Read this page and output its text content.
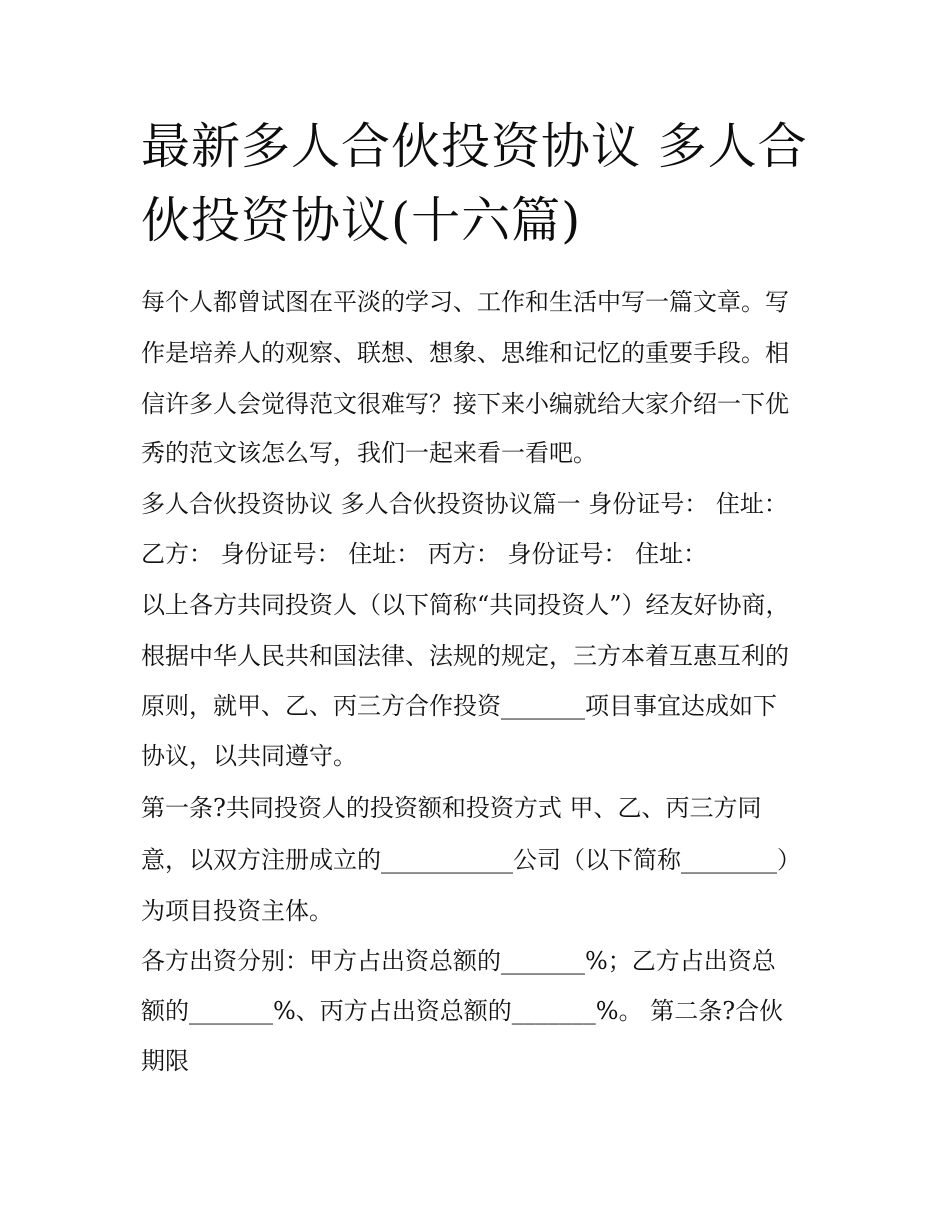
最新多人合伙投资协议 多人合伙投资协议(十六篇)

每个人都曾试图在平淡的学习、工作和生活中写一篇文章。写

作是培养人的观察、联想、想象、思维和记忆的重要手段。相

信许多人会觉得范文很难写？接下来小编就给大家介绍一下优

秀的范文该怎么写，我们一起来看一看吧。

多人合伙投资协议 多人合伙投资协议篇一 身份证号： 住址：

乙方： 身份证号： 住址： 丙方： 身份证号： 住址：

以上各方共同投资人（以下简称“共同投资人”）经友好协商，

根据中华人民共和国法律、法规的规定，三方本着互惠互利的

原则，就甲、乙、丙三方合作投资_______项目事宜达成如下

协议，以共同遵守。

第一条?共同投资人的投资额和投资方式 甲、乙、丙三方同

意，以双方注册成立的___________公司（以下简称________）

为项目投资主体。

各方出资分别：甲方占出资总额的_______%；乙方占出资总

额的_______%、丙方占出资总额的_______%。 第二条?合伙

期限
